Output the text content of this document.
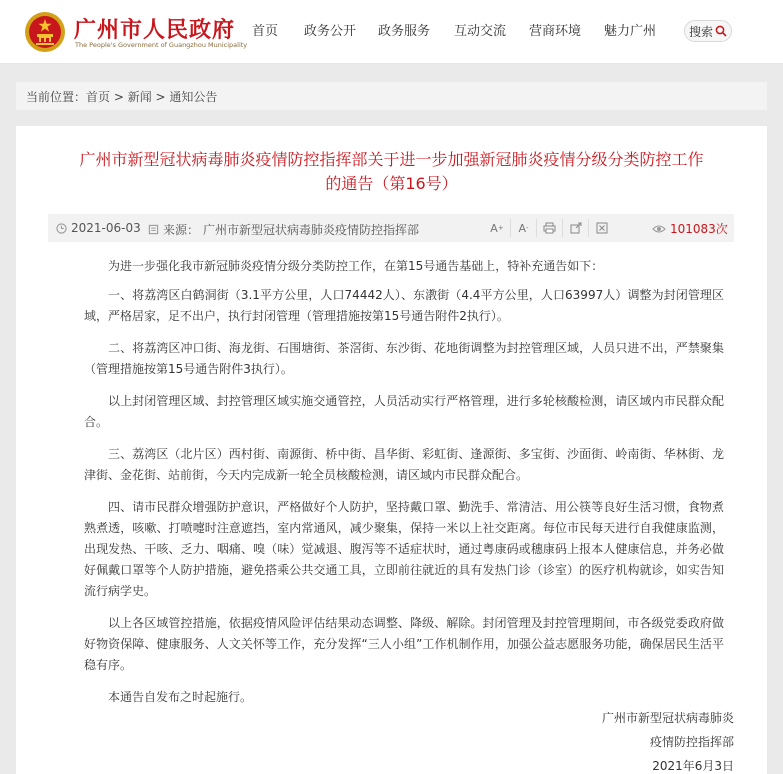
广州市人民政府
The People's Government of Guangzhou Municipality
首页 政务公开 政务服务 互动交流 营商环境 魅力广州	搜索
当前位置：首页 > 新闻 > 通知公告
广州市新型冠状病毒肺炎疫情防控指挥部关于进一步加强新冠肺炎疫情分级分类防控工作的通告（第16号）
2021-06-03 来源： 广州市新型冠状病毒肺炎疫情防控指挥部	A +	A -	101083次

为进一步强化我市新冠肺炎疫情分级分类防控工作，在第15号通告基础上，特补充通告如下：

一、将荔湾区白鹤洞街（3.1平方公里，人口74442人）、东漖街（4.4平方公里，人口63997人）调整为封闭管理区域，严格居家，足不出户，执行封闭管理（管理措施按第15号通告附件2执行）。

二、将荔湾区冲口街、海龙街、石围塘街、茶滘街、东沙街、花地街调整为封控管理区域，人员只进不出，严禁聚集（管理措施按第15号通告附件3执行）。

以上封闭管理区域、封控管理区域实施交通管控，人员活动实行严格管理，进行多轮核酸检测，请区域内市民群众配合。

三、荔湾区（北片区）西村街、南源街、桥中街、昌华街、彩虹街、逢源街、多宝街、沙面街、岭南街、华林街、龙津街、金花街、站前街，今天内完成新一轮全员核酸检测，请区域内市民群众配合。

四、请市民群众增强防护意识，严格做好个人防护，坚持戴口罩、勤洗手、常清洁、用公筷等良好生活习惯，食物煮熟煮透，咳嗽、打喷嚏时注意遮挡，室内常通风，减少聚集，保持一米以上社交距离。每位市民每天进行自我健康监测，出现发热、干咳、乏力、咽痛、嗅（味）觉减退、腹泻等不适症状时，通过粤康码或穗康码上报本人健康信息，并务必做好佩戴口罩等个人防护措施，避免搭乘公共交通工具，立即前往就近的具有发热门诊（诊室）的医疗机构就诊，如实告知流行病学史。

以上各区域管控措施，依据疫情风险评估结果动态调整、降级、解除。封闭管理及封控管理期间，市各级党委政府做好物资保障、健康服务、人文关怀等工作，充分发挥“三人小组”工作机制作用，加强公益志愿服务功能，确保居民生活平稳有序。

本通告自发布之时起施行。

广州市新型冠状病毒肺炎
疫情防控指挥部
2021年6月3日
